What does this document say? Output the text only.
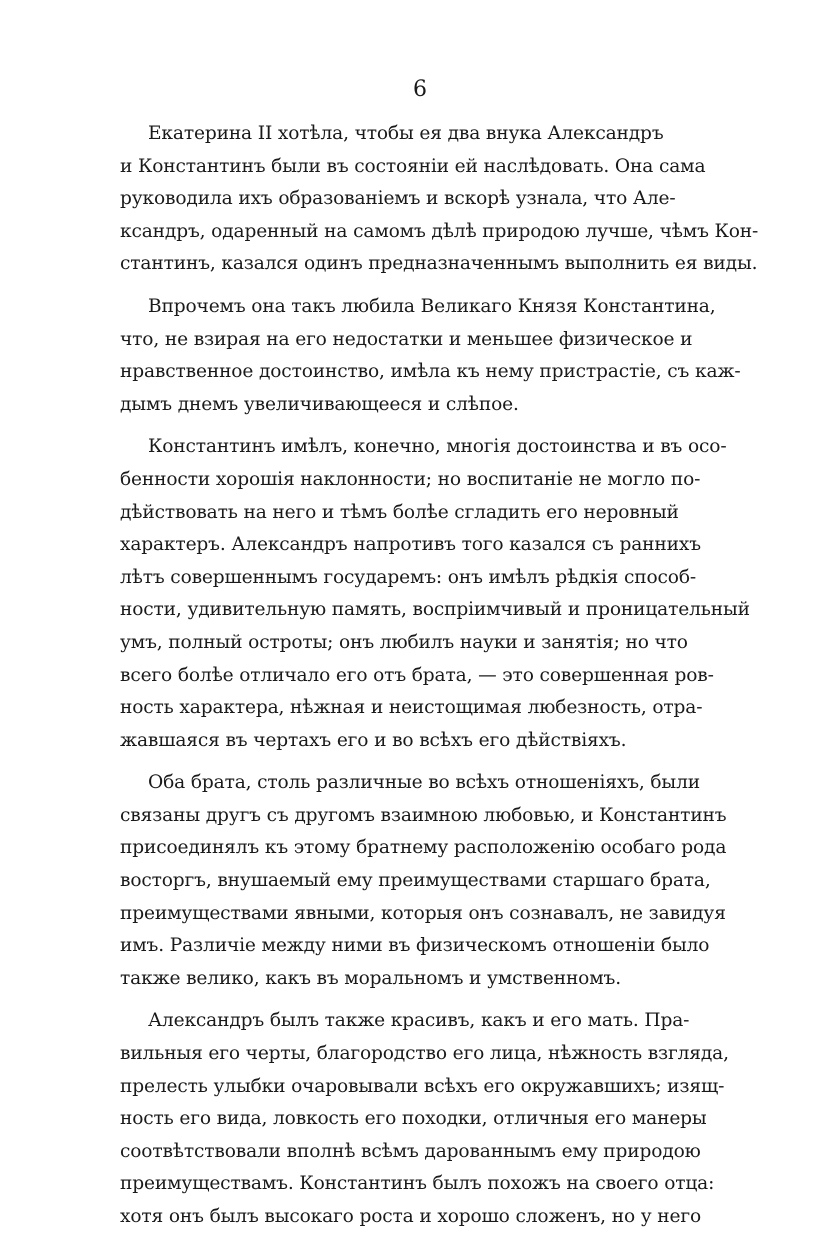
6

Екатерина II хотѣла, чтобы ея два внука Александръ
и Константинъ были въ состояніи ей наслѣдовать. Она сама
руководила ихъ образованіемъ и вскорѣ узнала, что Але-
ксандръ, одаренный на самомъ дѣлѣ природою лучше, чѣмъ Кон-
стантинъ, казался одинъ предназначеннымъ выполнить ея виды.

Впрочемъ она такъ любила Великаго Князя Константина,
что, не взирая на его недостатки и меньшее физическое и
нравственное достоинство, имѣла къ нему пристрастіе, съ каж-
дымъ днемъ увеличивающееся и слѣпое.

Константинъ имѣлъ, конечно, многія достоинства и въ осо-
бенности хорошія наклонности; но воспитаніе не могло по-
дѣйствовать на него и тѣмъ болѣе сгладить его неровный
характеръ. Александръ напротивъ того казался съ раннихъ
лѣтъ совершеннымъ государемъ: онъ имѣлъ рѣдкія способ-
ности, удивительную память, воспріимчивый и проницательный
умъ, полный остроты; онъ любилъ науки и занятія; но что
всего болѣе отличало его отъ брата, — это совершенная ров-
ность характера, нѣжная и неистощимая любезность, отра-
жавшаяся въ чертахъ его и во всѣхъ его дѣйствіяхъ.

Оба брата, столь различные во всѣхъ отношеніяхъ, были
связаны другъ съ другомъ взаимною любовью, и Константинъ
присоединялъ къ этому братнему расположенію особаго рода
восторгъ, внушаемый ему преимуществами старшаго брата,
преимуществами явными, которыя онъ сознавалъ, не завидуя
имъ. Различіе между ними въ физическомъ отношеніи было
также велико, какъ въ моральномъ и умственномъ.

Александръ былъ также красивъ, какъ и его мать. Пра-
вильныя его черты, благородство его лица, нѣжность взгляда,
прелесть улыбки очаровывали всѣхъ его окружавшихъ; изящ-
ность его вида, ловкость его походки, отличныя его манеры
соотвѣтствовали вполнѣ всѣмъ дарованнымъ ему природою
преимуществамъ. Константинъ былъ похожъ на своего отца:
хотя онъ былъ высокаго роста и хорошо сложенъ, но у него
